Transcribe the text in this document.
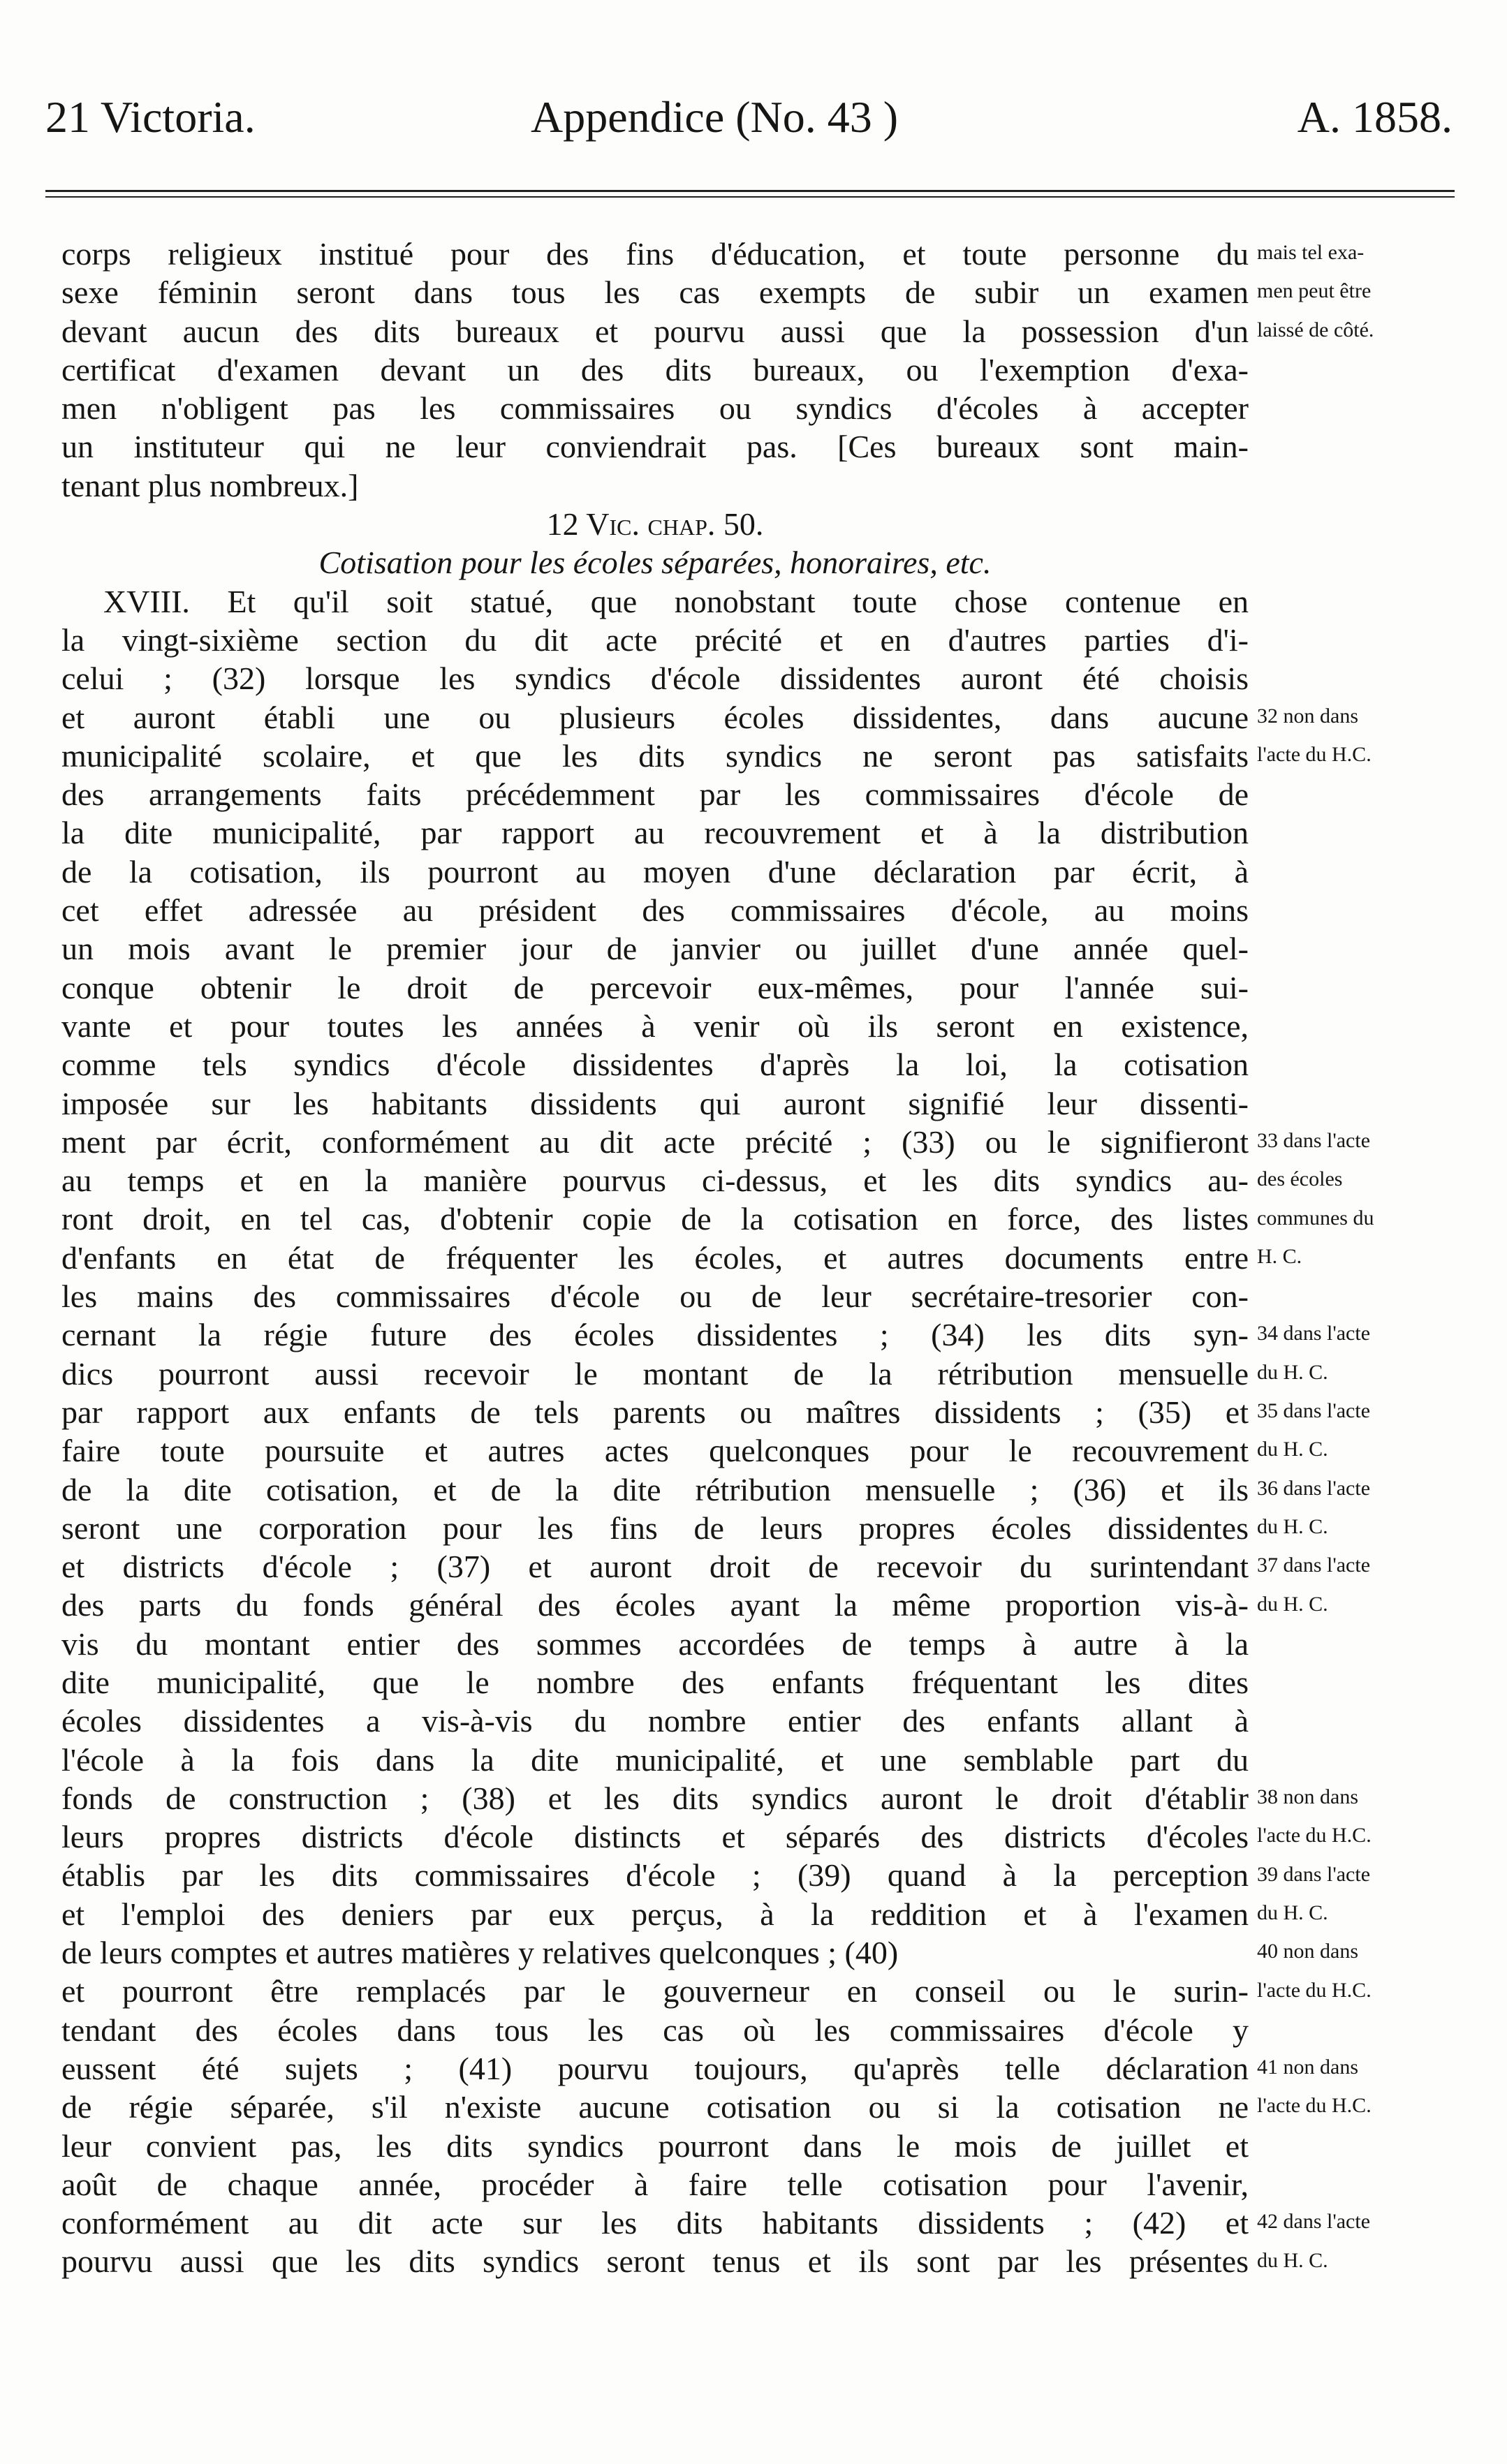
21 Victoria.	Appendice (No. 43 )	A. 1858.
corps religieux institué pour des fins d'éducation, et toute personne du
sexe féminin seront dans tous les cas exempts de subir un examen
devant aucun des dits bureaux et pourvu aussi que la possession d'un
certificat d'examen devant un des dits bureaux, ou l'exemption d'exa-
men n'obligent pas les commissaires ou syndics d'écoles à accepter
un instituteur qui ne leur conviendrait pas. [Ces bureaux sont main-
tenant plus nombreux.]
12 Vic. chap. 50.
Cotisation pour les écoles séparées, honoraires, etc.
XVIII. Et qu'il soit statué, que nonobstant toute chose contenue en
la vingt-sixième section du dit acte précité et en d'autres parties d'i-
celui ; (32) lorsque les syndics d'école dissidentes auront été choisis
et auront établi une ou plusieurs écoles dissidentes, dans aucune
municipalité scolaire, et que les dits syndics ne seront pas satisfaits
des arrangements faits précédemment par les commissaires d'école de
la dite municipalité, par rapport au recouvrement et à la distribution
de la cotisation, ils pourront au moyen d'une déclaration par écrit, à
cet effet adressée au président des commissaires d'école, au moins
un mois avant le premier jour de janvier ou juillet d'une année quel-
conque obtenir le droit de percevoir eux-mêmes, pour l'année sui-
vante et pour toutes les années à venir où ils seront en existence,
comme tels syndics d'école dissidentes d'après la loi, la cotisation
imposée sur les habitants dissidents qui auront signifié leur dissenti-
ment par écrit, conformément au dit acte précité ; (33) ou le signifieront
au temps et en la manière pourvus ci-dessus, et les dits syndics au-
ront droit, en tel cas, d'obtenir copie de la cotisation en force, des listes
d'enfants en état de fréquenter les écoles, et autres documents entre
les mains des commissaires d'école ou de leur secrétaire-tresorier con-
cernant la régie future des écoles dissidentes ; (34) les dits syn-
dics pourront aussi recevoir le montant de la rétribution mensuelle
par rapport aux enfants de tels parents ou maîtres dissidents ; (35) et
faire toute poursuite et autres actes quelconques pour le recouvrement
de la dite cotisation, et de la dite rétribution mensuelle ; (36) et ils
seront une corporation pour les fins de leurs propres écoles dissidentes
et districts d'école ; (37) et auront droit de recevoir du surintendant
des parts du fonds général des écoles ayant la même proportion vis-à-
vis du montant entier des sommes accordées de temps à autre à la
dite municipalité, que le nombre des enfants fréquentant les dites
écoles dissidentes a vis-à-vis du nombre entier des enfants allant à
l'école à la fois dans la dite municipalité, et une semblable part du
fonds de construction ; (38) et les dits syndics auront le droit d'établir
leurs propres districts d'école distincts et séparés des districts d'écoles
établis par les dits commissaires d'école ; (39) quand à la perception
et l'emploi des deniers par eux perçus, à la reddition et à l'examen
de leurs comptes et autres matières y relatives quelconques ; (40)
et pourront être remplacés par le gouverneur en conseil ou le surin-
tendant des écoles dans tous les cas où les commissaires d'école y
eussent été sujets ; (41) pourvu toujours, qu'après telle déclaration
de régie séparée, s'il n'existe aucune cotisation ou si la cotisation ne
leur convient pas, les dits syndics pourront dans le mois de juillet et
août de chaque année, procéder à faire telle cotisation pour l'avenir,
conformément au dit acte sur les dits habitants dissidents ; (42) et
pourvu aussi que les dits syndics seront tenus et ils sont par les présentes
mais tel exa-
men peut être
laissé de côté.
32 non dans
l'acte du H.C.
33 dans l'acte
des écoles
communes du
H. C.
34 dans l'acte
du H. C.
35 dans l'acte
du H. C.
36 dans l'acte
du H. C.
37 dans l'acte
du H. C.
38 non dans
l'acte du H.C.
39 dans l'acte
du H. C.
40 non dans
l'acte du H.C.
41 non dans
l'acte du H.C.
42 dans l'acte
du H. C.
